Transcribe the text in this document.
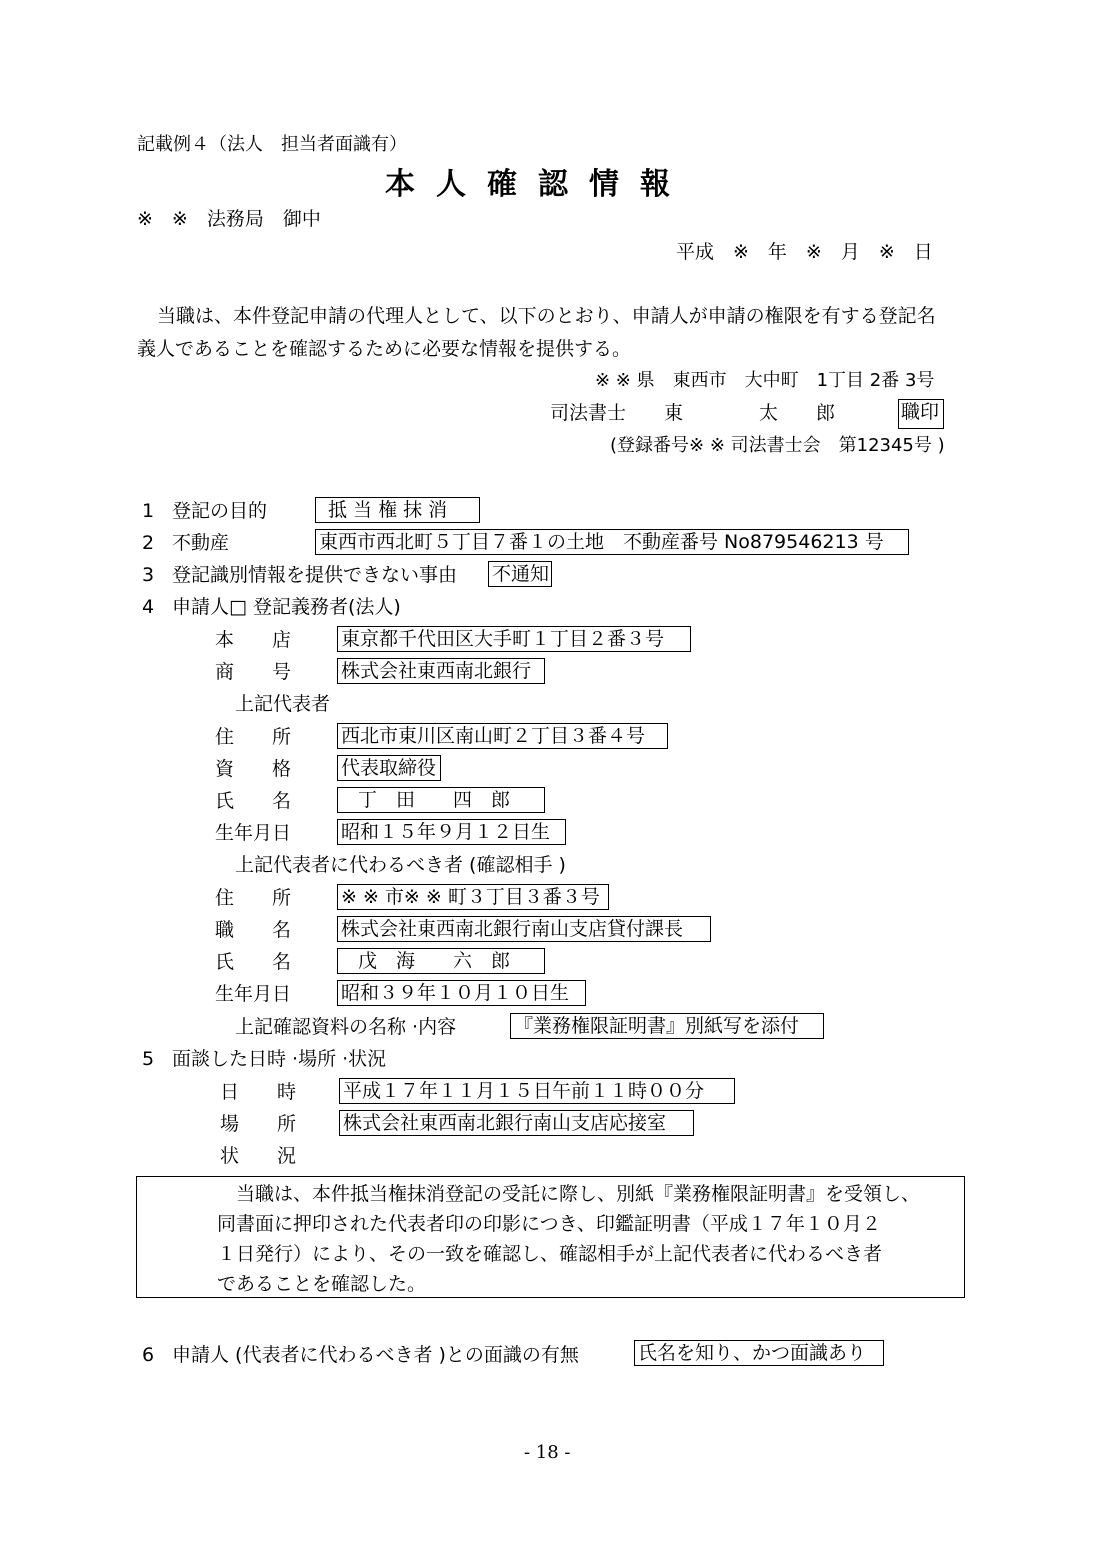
記載例４（法人　担当者面識有）
本人確認情報
※　※　法務局　御中
平成　※　年　※　月　※　日
当職は、本件登記申請の代理人として、以下のとおり、申請人が申請の権限を有する登記名
義人であることを確認するために必要な情報を提供する。
※ ※ 県　東西市　大中町　1丁目 2番 3号
司法書士　　東　　　　太　　郎	職印
(登録番号※ ※ 司法書士会　第12345号 )
1 登記の目的	抵 当 権 抹 消
2 不動産	東西市西北町５丁目７番１の土地　不動産番号 No879546213 号
3 登記識別情報を提供できない事由 不通知
4 申請人□ 登記義務者(法人)
本　　店	東京都千代田区大手町１丁目２番３号
商　　号	株式会社東西南北銀行
上記代表者
住　　所	西北市東川区南山町２丁目３番４号
資　　格	代表取締役
氏　　名	丁　田　　四　郎
生年月日	昭和１５年９月１２日生
上記代表者に代わるべき者 (確認相手 )
住　　所	※ ※ 市※ ※ 町３丁目３番３号
職　　名	株式会社東西南北銀行南山支店貸付課長
氏　　名	戊　海　　六　郎
生年月日	昭和３９年１０月１０日生
上記確認資料の名称 ·内容	『業務権限証明書』別紙写を添付
5 面談した日時 ·場所 ·状況
日　　時 平成１７年１１月１５日午前１１時００分
場　　所 株式会社東西南北銀行南山支店応接室
状　　況
　当職は、本件抵当権抹消登記の受託に際し、別紙『業務権限証明書』を受領し、
同書面に押印された代表者印の印影につき、印鑑証明書（平成１７年１０月２
１日発行）により、その一致を確認し、確認相手が上記代表者に代わるべき者
であることを確認した。
6 申請人 (代表者に代わるべき者 )との面識の有無	氏名を知り、かつ面識あり
- 18 -
